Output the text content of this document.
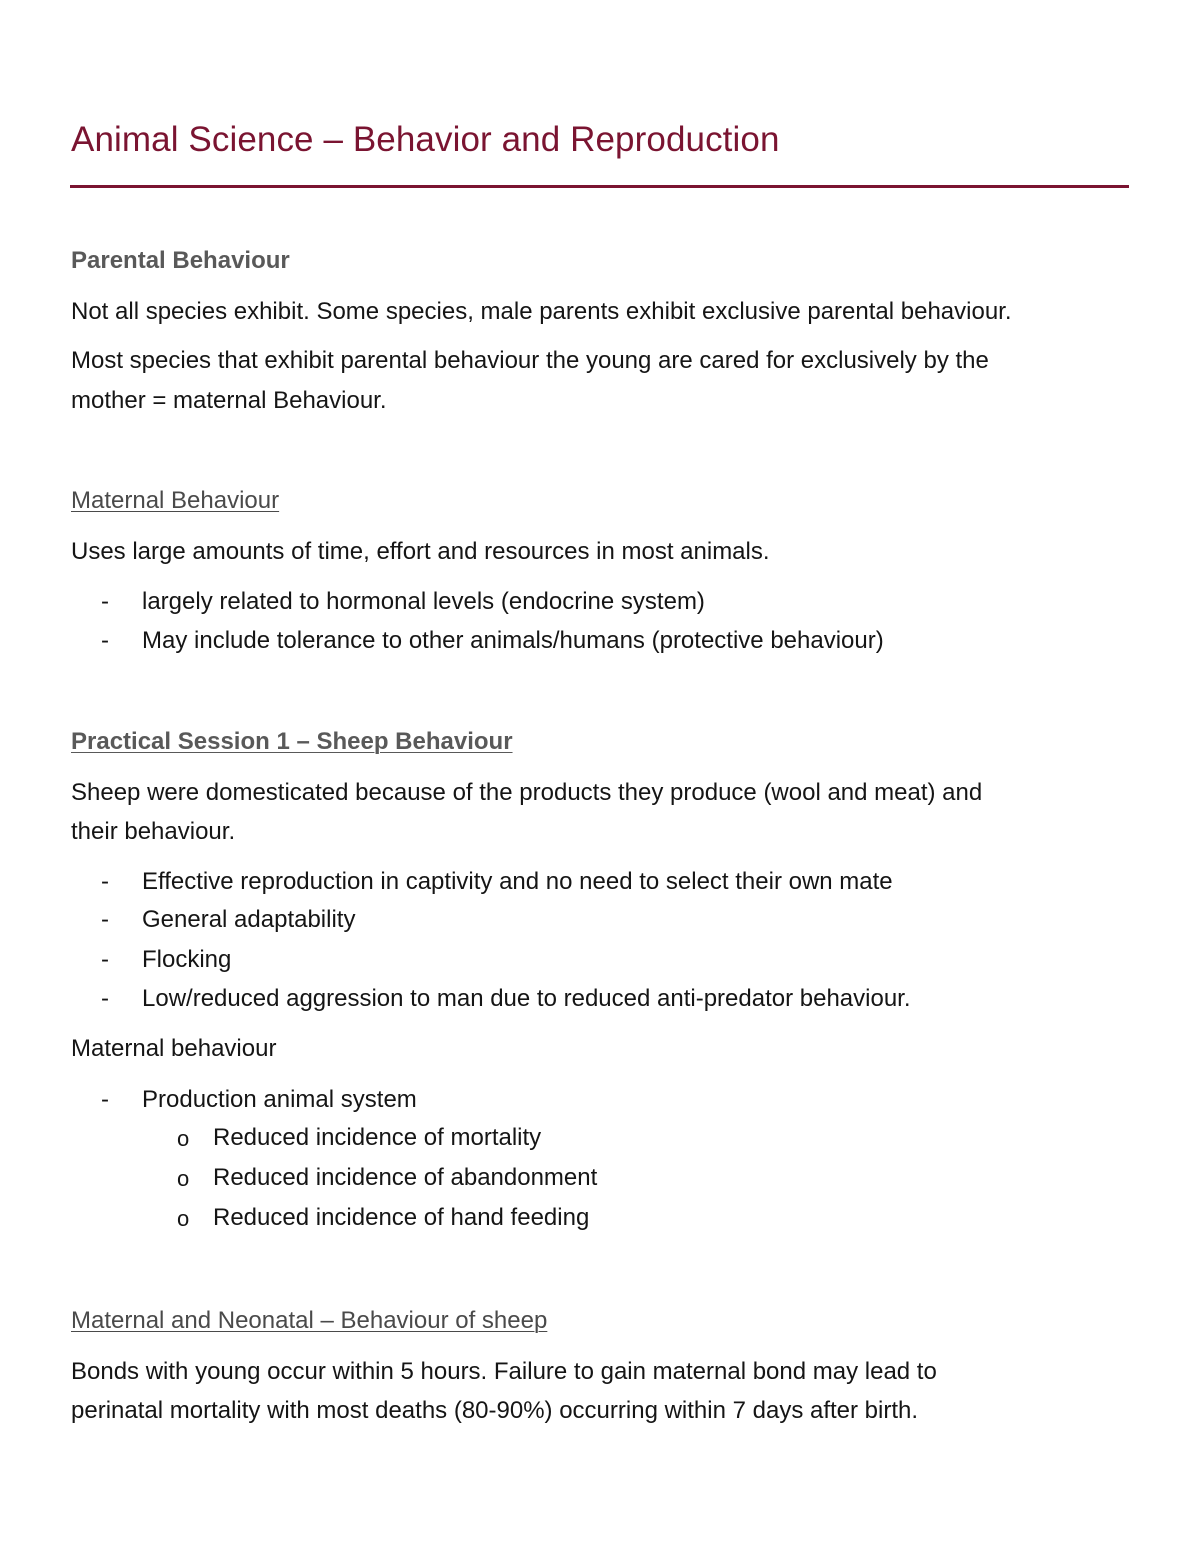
Animal Science – Behavior and Reproduction
Parental Behaviour
Not all species exhibit. Some species, male parents exhibit exclusive parental behaviour.
Most species that exhibit parental behaviour the young are cared for exclusively by the
mother = maternal Behaviour.
Maternal Behaviour
Uses large amounts of time, effort and resources in most animals.
- largely related to hormonal levels (endocrine system)
- May include tolerance to other animals/humans (protective behaviour)
Practical Session 1 – Sheep Behaviour
Sheep were domesticated because of the products they produce (wool and meat) and
their behaviour.
- Effective reproduction in captivity and no need to select their own mate
- General adaptability
- Flocking
- Low/reduced aggression to man due to reduced anti-predator behaviour.
Maternal behaviour
- Production animal system
o Reduced incidence of mortality
o Reduced incidence of abandonment
o Reduced incidence of hand feeding
Maternal and Neonatal – Behaviour of sheep
Bonds with young occur within 5 hours. Failure to gain maternal bond may lead to
perinatal mortality with most deaths (80-90%) occurring within 7 days after birth.
